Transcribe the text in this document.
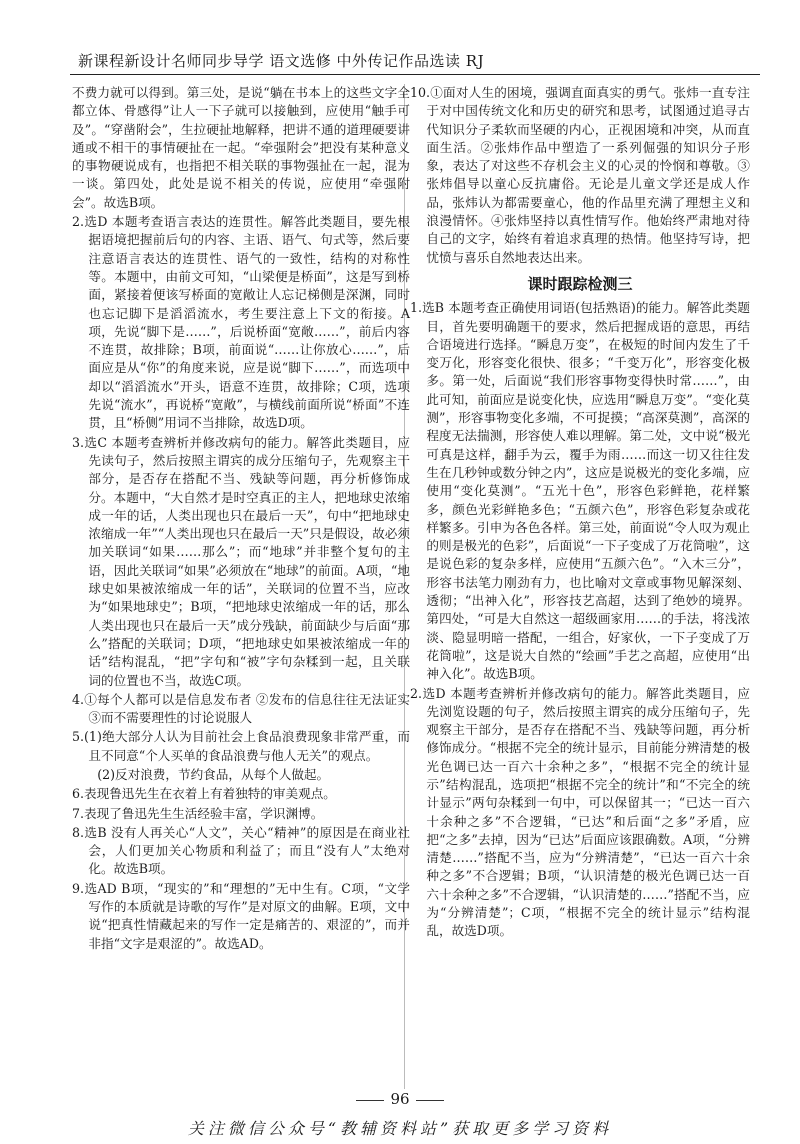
新课程新设计名师同步导学 语文选修 中外传记作品选读 RJ

不费力就可以得到。第三处，是说“躺在书本上的这些文字全都立体、骨感得”让人一下子就可以接触到，应使用“触手可及”。“穿凿附会”，生拉硬扯地解释，把讲不通的道理硬要讲通或不相干的事情硬扯在一起。“牵强附会”把没有某种意义的事物硬说成有，也指把不相关联的事物强扯在一起，混为一谈。第四处，此处是说不相关的传说，应使用“牵强附会”。故选B项。

2.选D 本题考查语言表达的连贯性。解答此类题目，要先根据语境把握前后句的内容、主语、语气、句式等，然后要注意语言表达的连贯性、语气的一致性，结构的对称性等。本题中，由前文可知，“山梁便是桥面”，这是写到桥面，紧接着便该写桥面的宽敞让人忘记梯侧是深渊，同时也忘记脚下是滔滔流水，考生要注意上下文的衔接。A项，先说“脚下是……”，后说桥面“宽敞……”，前后内容不连贯，故排除；B项，前面说“……让你放心……”，后面应是从“你”的角度来说，应是说“脚下……”，而选项中却以“滔滔流水”开头，语意不连贯，故排除；C项，选项先说“流水”，再说桥“宽敞”，与横线前面所说“桥面”不连贯，且“桥侧”用词不当排除，故选D项。

3.选C 本题考查辨析并修改病句的能力。解答此类题目，应先读句子，然后按照主谓宾的成分压缩句子，先观察主干部分，是否存在搭配不当、残缺等问题，再分析修饰成分。本题中，“大自然才是时空真正的主人，把地球史浓缩成一年的话，人类出现也只在最后一天”，句中“把地球史浓缩成一年”“人类出现也只在最后一天”只是假设，故必须加关联词“如果……那么”；而“地球”并非整个复句的主语，因此关联词“如果”必须放在“地球”的前面。A项，“地球史如果被浓缩成一年的话”，关联词的位置不当，应改为“如果地球史”；B项，“把地球史浓缩成一年的话，那么人类出现也只在最后一天”成分残缺，前面缺少与后面“那么”搭配的关联词；D项，“把地球史如果被浓缩成一年的话”结构混乱，“把”字句和“被”字句杂糅到一起，且关联词的位置也不当，故选C项。

4.①每个人都可以是信息发布者 ②发布的信息往往无法证实 ③而不需要理性的讨论说服人

5.(1)绝大部分人认为目前社会上食品浪费现象非常严重，而且不同意“个人买单的食品浪费与他人无关”的观点。

(2)反对浪费，节约食品，从每个人做起。

6.表现鲁迅先生在衣着上有着独特的审美观点。

7.表现了鲁迅先生生活经验丰富，学识渊博。

8.选B 没有人再关心“人文”，关心“精神”的原因是在商业社会，人们更加关心物质和利益了；而且“没有人”太绝对化。故选B项。

9.选AD B项，“现实的”和“理想的”无中生有。C项，“文学写作的本质就是诗歌的写作”是对原文的曲解。E项，文中说“把真性情藏起来的写作一定是痛苦的、艰涩的”，而并非指“文字是艰涩的”。故选AD。

10.①面对人生的困境，强调直面真实的勇气。张炜一直专注于对中国传统文化和历史的研究和思考，试图通过追寻古代知识分子柔软而坚硬的内心，正视困境和冲突，从而直面生活。②张炜作品中塑造了一系列倔强的知识分子形象，表达了对这些不存机会主义的心灵的怜悯和尊敬。③张炜倡导以童心反抗庸俗。无论是儿童文学还是成人作品，张炜认为都需要童心，他的作品里充满了理想主义和浪漫情怀。④张炜坚持以真性情写作。他始终严肃地对待自己的文字，始终有着追求真理的热情。他坚持写诗，把忧愤与喜乐自然地表达出来。

课时跟踪检测三

1.选B 本题考查正确使用词语(包括熟语)的能力。解答此类题目，首先要明确题干的要求，然后把握成语的意思，再结合语境进行选择。“瞬息万变”，在极短的时间内发生了千变万化，形容变化很快、很多；“千变万化”，形容变化极多。第一处，后面说“我们形容事物变得快时常……”，由此可知，前面应是说变化快，应选用“瞬息万变”。“变化莫测”，形容事物变化多端，不可捉摸；“高深莫测”，高深的程度无法揣测，形容使人难以理解。第二处，文中说“极光可真是这样，翻手为云，覆手为雨……而这一切又往往发生在几秒钟或数分钟之内”，这应是说极光的变化多端，应使用“变化莫测”。“五光十色”，形容色彩鲜艳，花样繁多，颜色光彩鲜艳多色；“五颜六色”，形容色彩复杂或花样繁多。引申为各色各样。第三处，前面说“令人叹为观止的则是极光的色彩”，后面说“一下子变成了万花筒啦”，这是说色彩的复杂多样，应使用“五颜六色”。“入木三分”，形容书法笔力刚劲有力，也比喻对文章或事物见解深刻、透彻；“出神入化”，形容技艺高超，达到了绝妙的境界。第四处，“可是大自然这一超级画家用……的手法，将浅浓淡、隐显明暗一搭配，一组合，好家伙，一下子变成了万花筒啦”，这是说大自然的“绘画”手艺之高超，应使用“出神入化”。故选B项。

2.选D 本题考查辨析并修改病句的能力。解答此类题目，应先浏览设题的句子，然后按照主谓宾的成分压缩句子，先观察主干部分，是否存在搭配不当、残缺等问题，再分析修饰成分。“根据不完全的统计显示，目前能分辨清楚的极光色调已达一百六十余种之多”，“根据不完全的统计显示”结构混乱，选项把“根据不完全的统计”和“不完全的统计显示”两句杂糅到一句中，可以保留其一；“已达一百六十余种之多”不合逻辑，“已达”和后面“之多”矛盾，应把“之多”去掉，因为“已达”后面应该跟确数。A项，“分辨清楚……”搭配不当，应为“分辨清楚”，“已达一百六十余种之多”不合逻辑；B项，“认识清楚的极光色调已达一百六十余种之多”不合逻辑，“认识清楚的……”搭配不当，应为“分辨清楚”；C项，“根据不完全的统计显示”结构混乱，故选D项。

96
关注微信公众号“教辅资料站”获取更多学习资料
